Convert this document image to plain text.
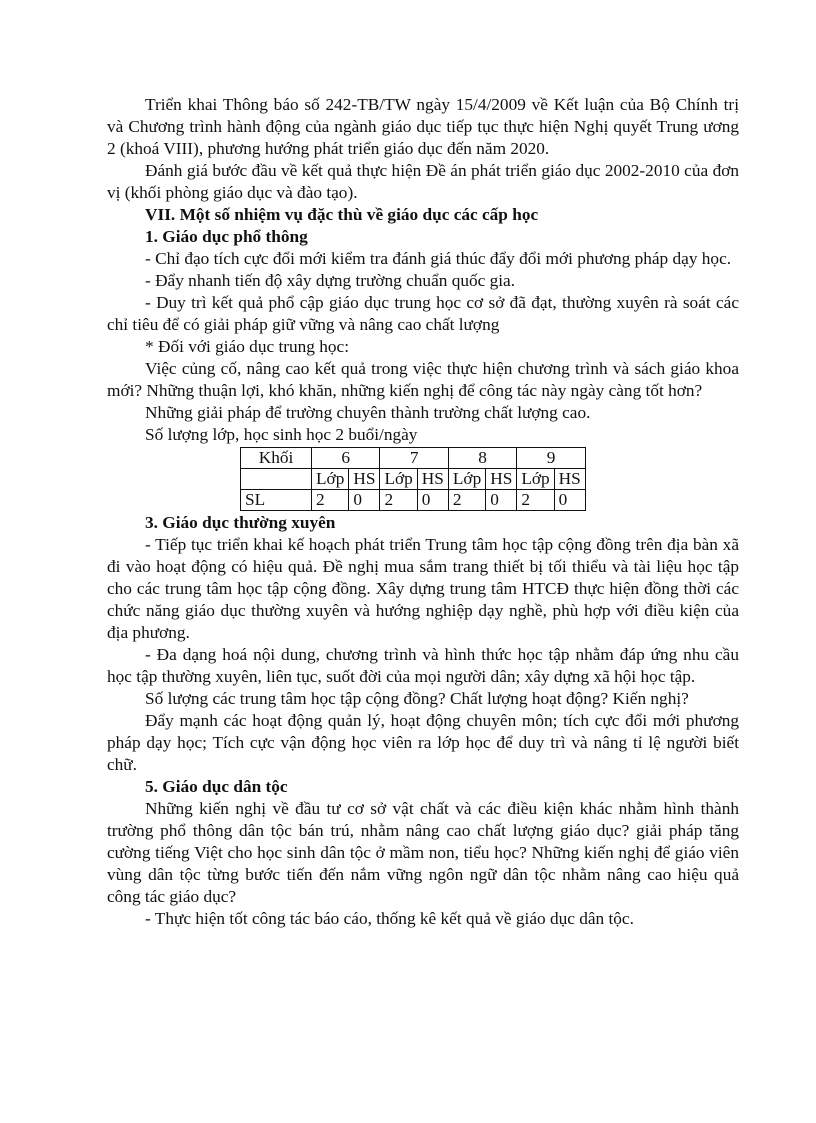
Triển khai Thông báo số 242-TB/TW ngày 15/4/2009 về Kết luận của Bộ Chính trị và Chương trình hành động của ngành giáo dục tiếp tục thực hiện Nghị quyết Trung ương 2 (khoá VIII), phương hướng phát triển giáo dục đến năm 2020.

Đánh giá bước đầu về kết quả thực hiện Đề án phát triển giáo dục 2002-2010 của đơn vị (khối phòng giáo dục và đào tạo).

VII. Một số nhiệm vụ đặc thù về giáo dục các cấp học

1. Giáo dục phổ thông

- Chỉ đạo tích cực đổi mới kiểm tra đánh giá thúc đẩy đổi mới phương pháp dạy học.

- Đẩy nhanh tiến độ xây dựng trường chuẩn quốc gia.

- Duy trì kết quả phổ cập giáo dục trung học cơ sở đã đạt, thường xuyên rà soát các chỉ tiêu để có giải pháp giữ vững và nâng cao chất lượng

* Đối với giáo dục trung học:

Việc củng cố, nâng cao kết quả trong việc thực hiện chương trình và sách giáo khoa mới? Những thuận lợi, khó khăn, những kiến nghị để công tác này ngày càng tốt hơn?

Những giải pháp để trường chuyên thành trường chất lượng cao.

Số lượng lớp, học sinh học 2 buổi/ngày

Khối	6		7		8		9	
	Lớp	HS	Lớp	HS	Lớp	HS	Lớp	HS
SL	2	0	2	0	2	0	2	0

3. Giáo dục thường xuyên

- Tiếp tục triển khai kế hoạch phát triển Trung tâm học tập cộng đồng trên địa bàn xã đi vào hoạt động có hiệu quả. Đề nghị mua sắm trang thiết bị tối thiểu và tài liệu học tập cho các trung tâm học tập cộng đồng. Xây dựng trung tâm HTCĐ thực hiện đồng thời các chức năng giáo dục thường xuyên và hướng nghiệp dạy nghề, phù hợp với điều kiện của địa phương.

- Đa dạng hoá nội dung, chương trình và hình thức học tập nhằm đáp ứng nhu cầu học tập thường xuyên, liên tục, suốt đời của mọi người dân; xây dựng xã hội học tập.

Số lượng các trung tâm học tập cộng đồng? Chất lượng hoạt động? Kiến nghị?

Đẩy mạnh các hoạt động quản lý, hoạt động chuyên môn; tích cực đổi mới phương pháp dạy học; Tích cực vận động học viên ra lớp học để duy trì và nâng tỉ lệ người biết chữ.

5. Giáo dục dân tộc

Những kiến nghị về đầu tư cơ sở vật chất và các điều kiện khác nhằm hình thành trường phổ thông dân tộc bán trú, nhằm nâng cao chất lượng giáo dục? giải pháp tăng cường tiếng Việt cho học sinh dân tộc ở mầm non, tiểu học? Những kiến nghị để giáo viên vùng dân tộc từng bước tiến đến nắm vững ngôn ngữ dân tộc nhằm nâng cao hiệu quả công tác giáo dục?

- Thực hiện tốt công tác báo cáo, thống kê kết quả về giáo dục dân tộc.
